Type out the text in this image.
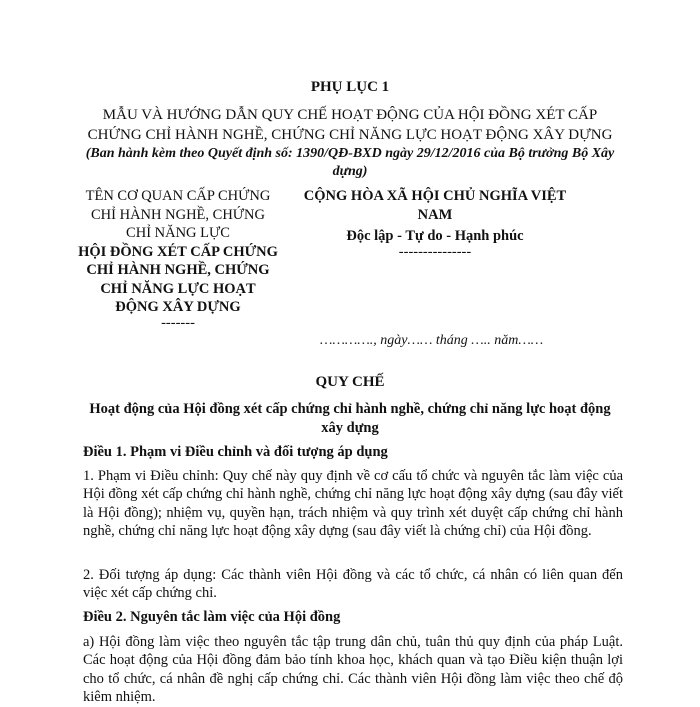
PHỤ LỤC 1
MẪU VÀ HƯỚNG DẪN QUY CHẾ HOẠT ĐỘNG CỦA HỘI ĐỒNG XÉT CẤP CHỨNG CHỈ HÀNH NGHỀ, CHỨNG CHỈ NĂNG LỰC HOẠT ĐỘNG XÂY DỰNG
(Ban hành kèm theo Quyết định số: 1390/QĐ-BXD ngày 29/12/2016 của Bộ trưởng Bộ Xây dựng)
TÊN CƠ QUAN CẤP CHỨNG CHỈ HÀNH NGHỀ, CHỨNG CHỈ NĂNG LỰC
HỘI ĐỒNG XÉT CẤP CHỨNG CHỈ HÀNH NGHỀ, CHỨNG CHỈ NĂNG LỰC HOẠT ĐỘNG XÂY DỰNG
-------
CỘNG HÒA XÃ HỘI CHỦ NGHĨA VIỆT NAM
Độc lập - Tự do - Hạnh phúc
---------------
…………., ngày…… tháng ….. năm……
QUY CHẾ
Hoạt động của Hội đồng xét cấp chứng chỉ hành nghề, chứng chỉ năng lực hoạt động xây dựng
Điều 1. Phạm vi Điều chỉnh và đối tượng áp dụng
1. Phạm vi Điều chỉnh: Quy chế này quy định về cơ cấu tổ chức và nguyên tắc làm việc của Hội đồng xét cấp chứng chỉ hành nghề, chứng chỉ năng lực hoạt động xây dựng (sau đây viết là Hội đồng); nhiệm vụ, quyền hạn, trách nhiệm và quy trình xét duyệt cấp chứng chỉ hành nghề, chứng chỉ năng lực hoạt động xây dựng (sau đây viết là chứng chỉ) của Hội đồng.
2. Đối tượng áp dụng: Các thành viên Hội đồng và các tổ chức, cá nhân có liên quan đến việc xét cấp chứng chỉ.
Điều 2. Nguyên tắc làm việc của Hội đồng
a) Hội đồng làm việc theo nguyên tắc tập trung dân chủ, tuân thủ quy định của pháp Luật. Các hoạt động của Hội đồng đảm bảo tính khoa học, khách quan và tạo Điều kiện thuận lợi cho tổ chức, cá nhân đề nghị cấp chứng chỉ. Các thành viên Hội đồng làm việc theo chế độ kiêm nhiệm.
